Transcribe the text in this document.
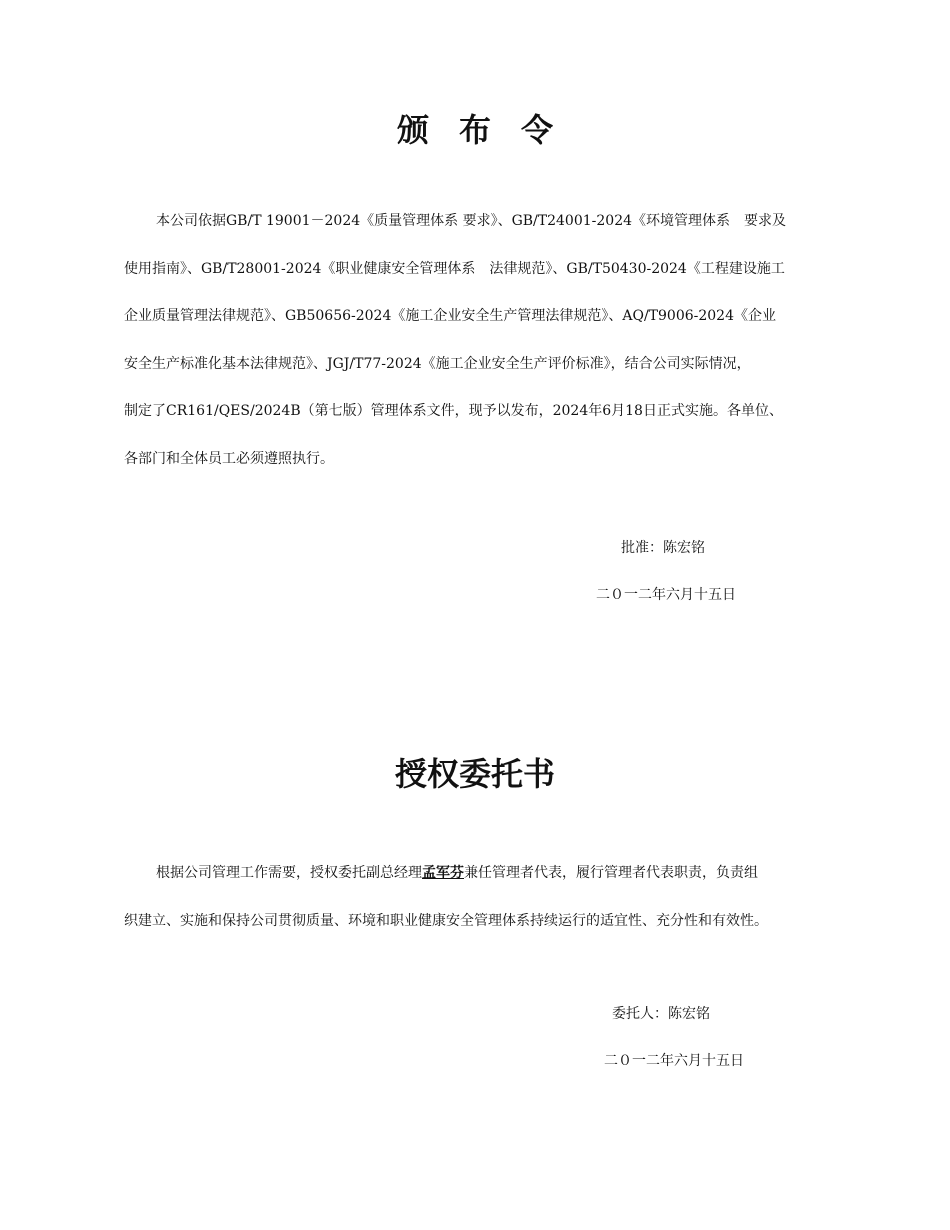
颁布令
本公司依据GB/T 19001－2024《质量管理体系 要求》、GB/T24001-2024《环境管理体系　要求及
使用指南》、GB/T28001-2024《职业健康安全管理体系　法律规范》、GB/T50430-2024《工程建设施工
企业质量管理法律规范》、GB50656-2024《施工企业安全生产管理法律规范》、AQ/T9006-2024《企业
安全生产标准化基本法律规范》、JGJ/T77-2024《施工企业安全生产评价标准》，结合公司实际情况，
制定了CR161/QES/2024B（第七版）管理体系文件，现予以发布，2024年6月18日正式实施。各单位、
各部门和全体员工必须遵照执行。

批准：陈宏铭

二０一二年六月十五日

授权委托书
根据公司管理工作需要，授权委托副总经理孟军芬兼任管理者代表，履行管理者代表职责，负责组
织建立、实施和保持公司贯彻质量、环境和职业健康安全管理体系持续运行的适宜性、充分性和有效性。

委托人：陈宏铭

二０一二年六月十五日
